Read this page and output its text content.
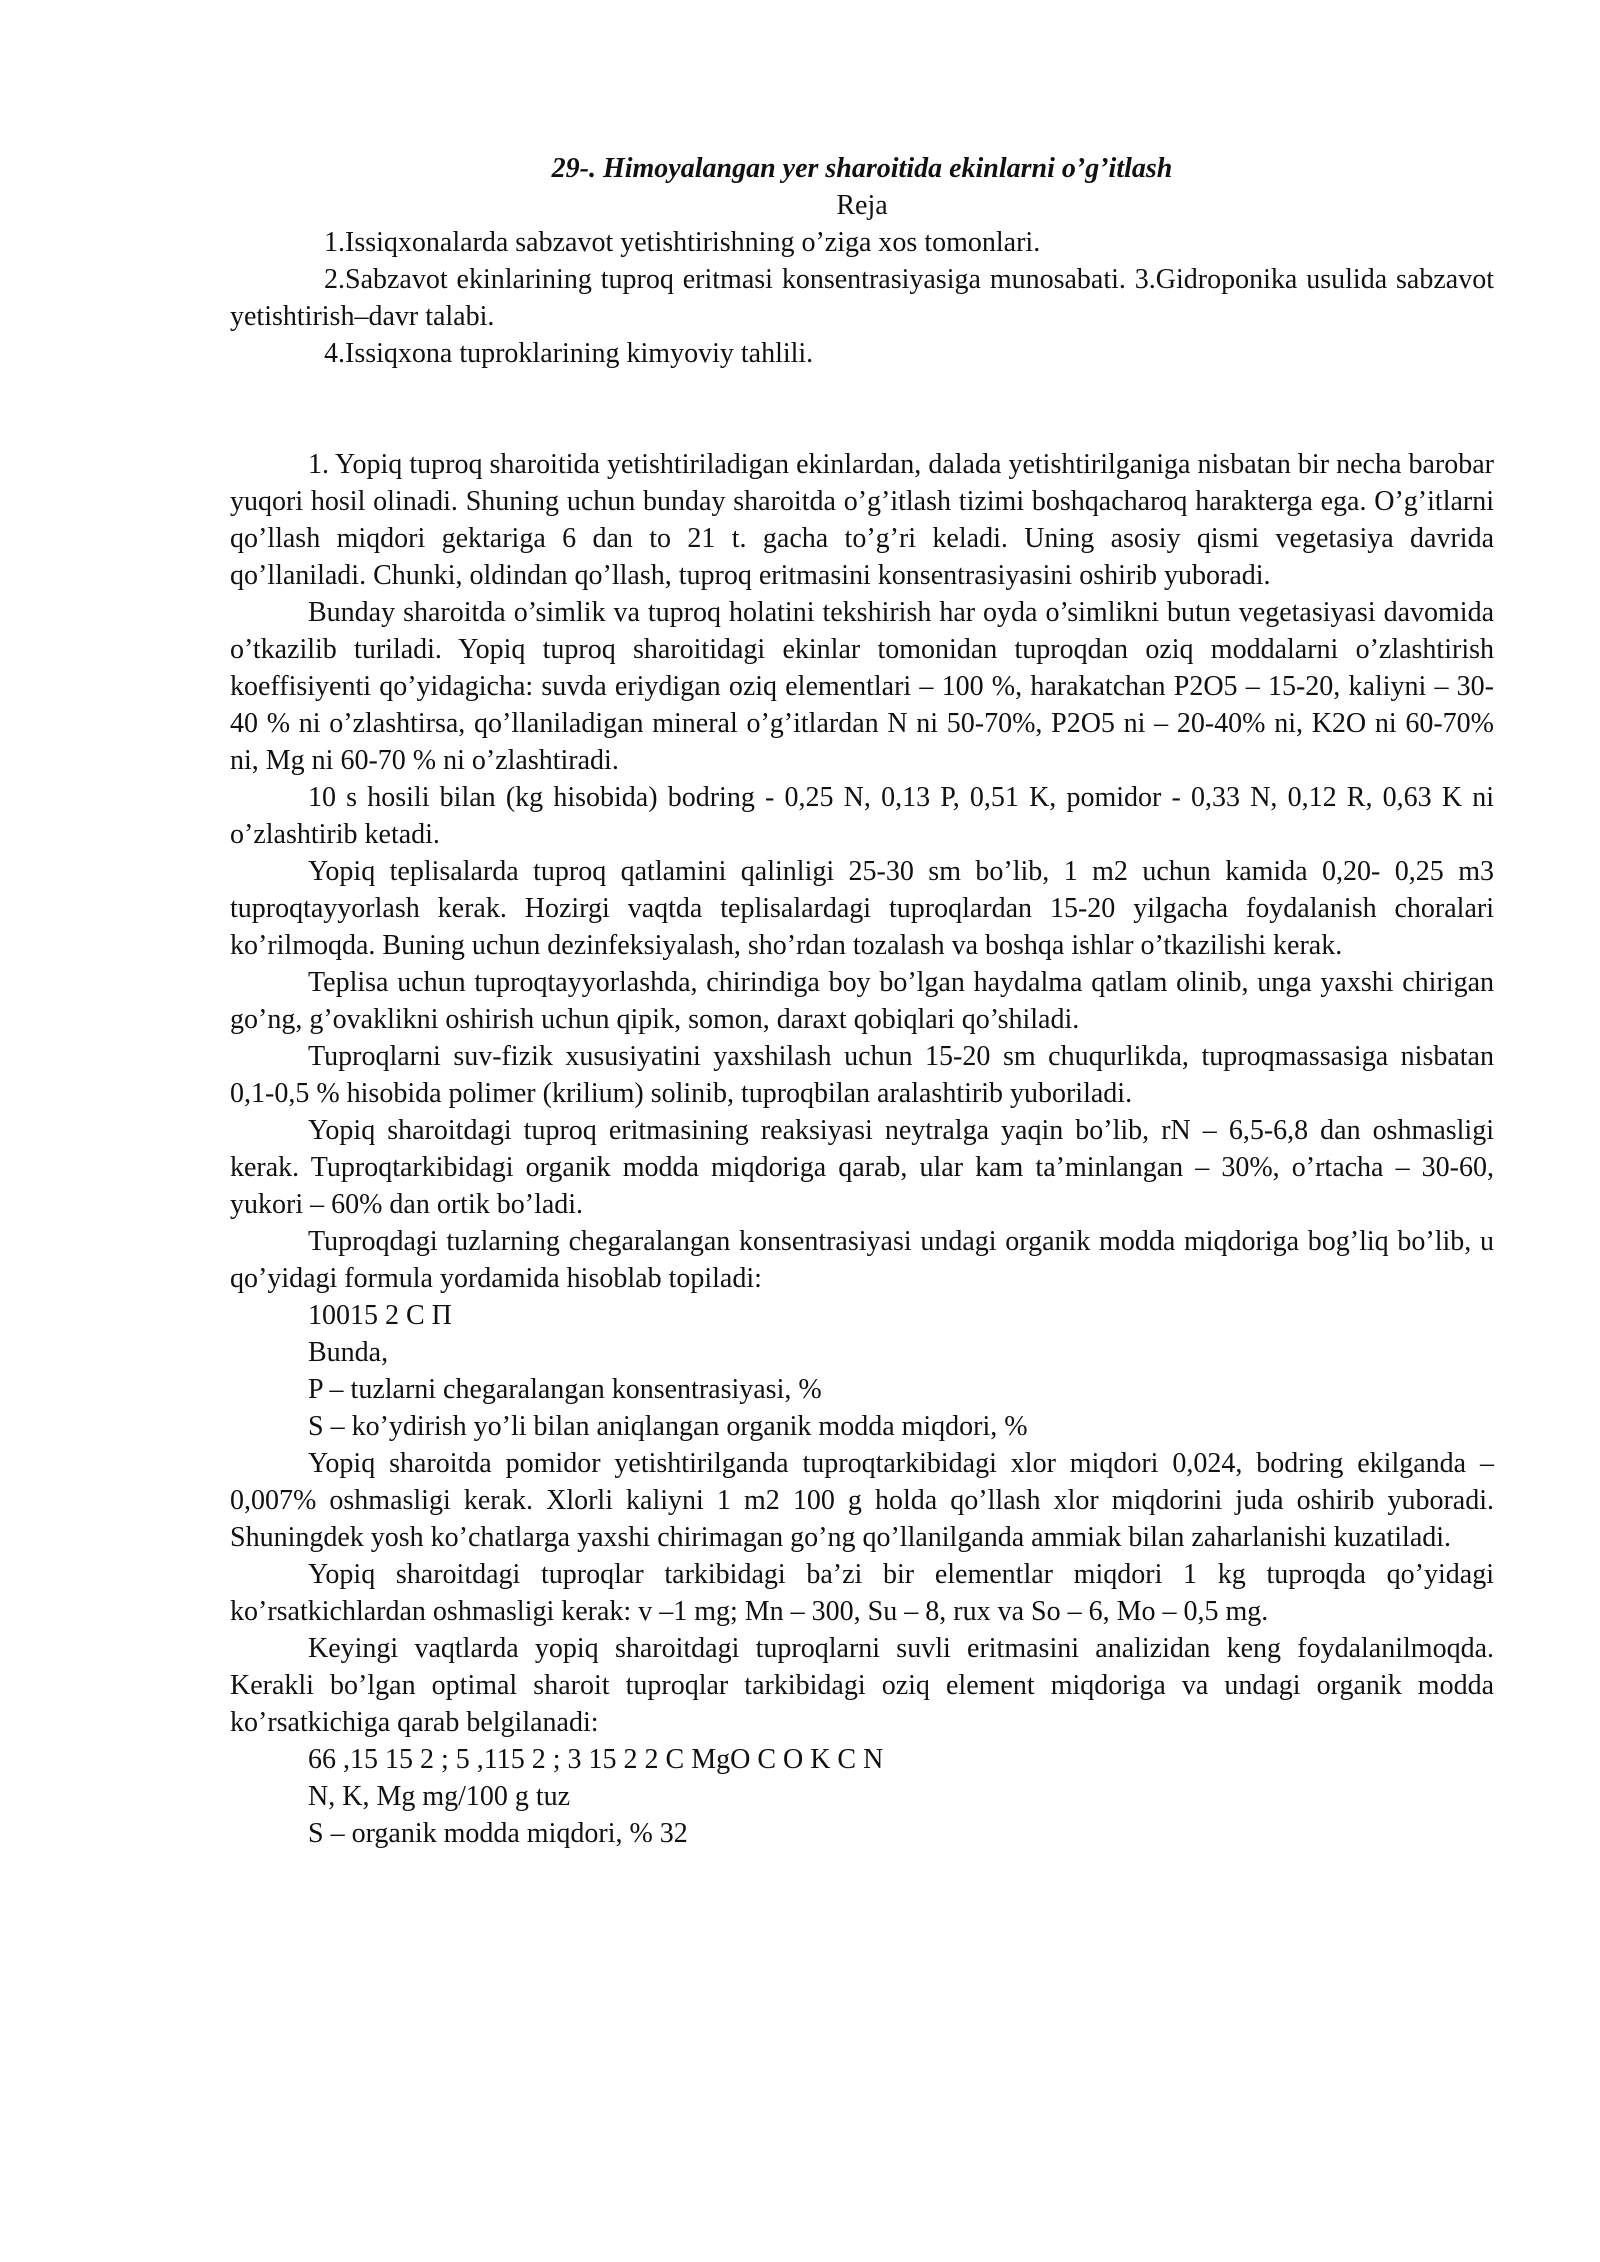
29-. Himoyalangan yer sharoitida ekinlarni o’g’itlash

Reja

1.Issiqxonalarda sabzavot yetishtirishning o’ziga xos tomonlari.

2.Sabzavot ekinlarining tuproq eritmasi konsentrasiyasiga munosabati. 3.Gidroponika usulida sabzavot yetishtirish–davr talabi.

4.Issiqxona tuproklarining kimyoviy tahlili.

1. Yopiq tuproq sharoitida yetishtiriladigan ekinlardan, dalada yetishtirilganiga nisbatan bir necha barobar yuqori hosil olinadi. Shuning uchun bunday sharoitda o’g’itlash tizimi boshqacharoq harakterga ega. O’g’itlarni qo’llash miqdori gektariga 6 dan to 21 t. gacha to’g’ri keladi. Uning asosiy qismi vegetasiya davrida qo’llaniladi. Chunki, oldindan qo’llash, tuproq eritmasini konsentrasiyasini oshirib yuboradi.

Bunday sharoitda o’simlik va tuproq holatini tekshirish har oyda o’simlikni butun vegetasiyasi davomida o’tkazilib turiladi. Yopiq tuproq sharoitidagi ekinlar tomonidan tuproqdan oziq moddalarni o’zlashtirish koeffisiyenti qo’yidagicha: suvda eriydigan oziq elementlari – 100 %, harakatchan P2O5 – 15-20, kaliyni – 30-40 % ni o’zlashtirsa, qo’llaniladigan mineral o’g’itlardan N ni 50-70%, P2O5 ni – 20-40% ni, K2O ni 60-70% ni, Mg ni 60-70 % ni o’zlashtiradi.

10 s hosili bilan (kg hisobida) bodring - 0,25 N, 0,13 P, 0,51 K, pomidor - 0,33 N, 0,12 R, 0,63 K ni o’zlashtirib ketadi.

Yopiq teplisalarda tuproq qatlamini qalinligi 25-30 sm bo’lib, 1 m2 uchun kamida 0,20- 0,25 m3 tuproqtayyorlash kerak. Hozirgi vaqtda teplisalardagi tuproqlardan 15-20 yilgacha foydalanish choralari ko’rilmoqda. Buning uchun dezinfeksiyalash, sho’rdan tozalash va boshqa ishlar o’tkazilishi kerak.

Teplisa uchun tuproqtayyorlashda, chirindiga boy bo’lgan haydalma qatlam olinib, unga yaxshi chirigan go’ng, g’ovaklikni oshirish uchun qipik, somon, daraxt qobiqlari qo’shiladi.

Tuproqlarni suv-fizik xususiyatini yaxshilash uchun 15-20 sm chuqurlikda, tuproqmassasiga nisbatan 0,1-0,5 % hisobida polimer (krilium) solinib, tuproqbilan aralashtirib yuboriladi.

Yopiq sharoitdagi tuproq eritmasining reaksiyasi neytralga yaqin bo’lib, rN – 6,5-6,8 dan oshmasligi kerak. Tuproqtarkibidagi organik modda miqdoriga qarab, ular kam ta’minlangan – 30%, o’rtacha – 30-60, yukori – 60% dan ortik bo’ladi.

Tuproqdagi tuzlarning chegaralangan konsentrasiyasi undagi organik modda miqdoriga bog’liq bo’lib, u qo’yidagi formula yordamida hisoblab topiladi:

10015 2 C П

Bunda,

P – tuzlarni chegaralangan konsentrasiyasi, %

S – ko’ydirish yo’li bilan aniqlangan organik modda miqdori, %

Yopiq sharoitda pomidor yetishtirilganda tuproqtarkibidagi xlor miqdori 0,024, bodring ekilganda – 0,007% oshmasligi kerak. Xlorli kaliyni 1 m2 100 g holda qo’llash xlor miqdorini juda oshirib yuboradi. Shuningdek yosh ko’chatlarga yaxshi chirimagan go’ng qo’llanilganda ammiak bilan zaharlanishi kuzatiladi.

Yopiq sharoitdagi tuproqlar tarkibidagi ba’zi bir elementlar miqdori 1 kg tuproqda qo’yidagi ko’rsatkichlardan oshmasligi kerak: v –1 mg; Mn – 300, Su – 8, rux va So – 6, Mo – 0,5 mg.

Keyingi vaqtlarda yopiq sharoitdagi tuproqlarni suvli eritmasini analizidan keng foydalanilmoqda. Kerakli bo’lgan optimal sharoit tuproqlar tarkibidagi oziq element miqdoriga va undagi organik modda ko’rsatkichiga qarab belgilanadi:

66 ,15 15 2 ; 5 ,115 2 ; 3 15 2 2 C MgO C O K C N

N, K, Mg mg/100 g tuz

S – organik modda miqdori, % 32
